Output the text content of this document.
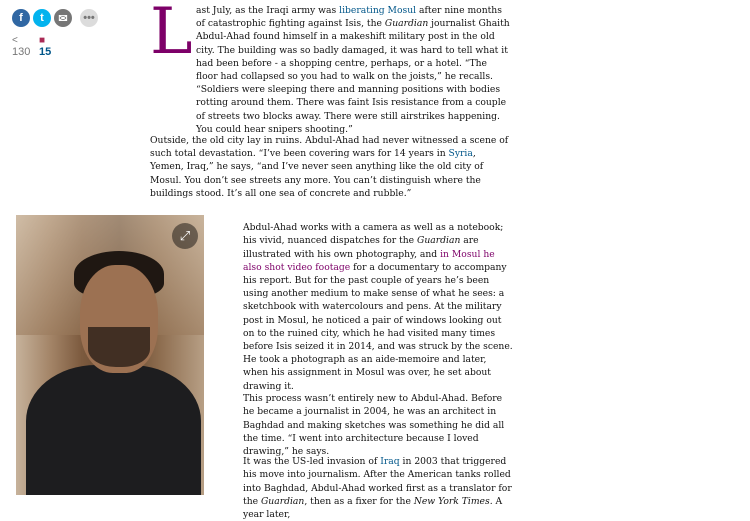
f	t	✉	•••
<
130
■
15 L ast July, as the Iraqi army was liberating Mosul after nine months of catastrophic fighting against Isis, the Guardian journalist Ghaith Abdul-Ahad found himself in a makeshift military post in the old city. The building was so badly damaged, it was hard to tell what it had been before - a shopping centre, perhaps, or a hotel. “The floor had collapsed so you had to walk on the joists,” he recalls. “Soldiers were sleeping there and manning positions with bodies rotting around them. There was faint Isis resistance from a couple of streets two blocks away. There were still airstrikes happening. You could hear snipers shooting.”

Outside, the old city lay in ruins. Abdul-Ahad had never witnessed a scene of such total devastation. “I’ve been covering wars for 14 years in Syria, Yemen, Iraq,” he says, “and I’ve never seen anything like the old city of Mosul. You don’t see streets any more. You can’t distinguish where the buildings stood. It’s all one sea of concrete and rubble.”

⤢

Abdul-Ahad works with a camera as well as a notebook; his vivid, nuanced dispatches for the Guardian are illustrated with his own photography, and in Mosul he also shot video footage for a documentary to accompany his report. But for the past couple of years he’s been using another medium to make sense of what he sees: a sketchbook with watercolours and pens. At the military post in Mosul, he noticed a pair of windows looking out on to the ruined city, which he had visited many times before Isis seized it in 2014, and was struck by the scene. He took a photograph as an aide-memoire and later, when his assignment in Mosul was over, he set about drawing it.

This process wasn’t entirely new to Abdul-Ahad. Before he became a journalist in 2004, he was an architect in Baghdad and making sketches was something he did all the time. “I went into architecture because I loved drawing,” he says.

It was the US-led invasion of Iraq in 2003 that triggered his move into journalism. After the American tanks rolled into Baghdad, Abdul-Ahad worked first as a translator for the Guardian, then as a fixer for the New York Times. A year later,
